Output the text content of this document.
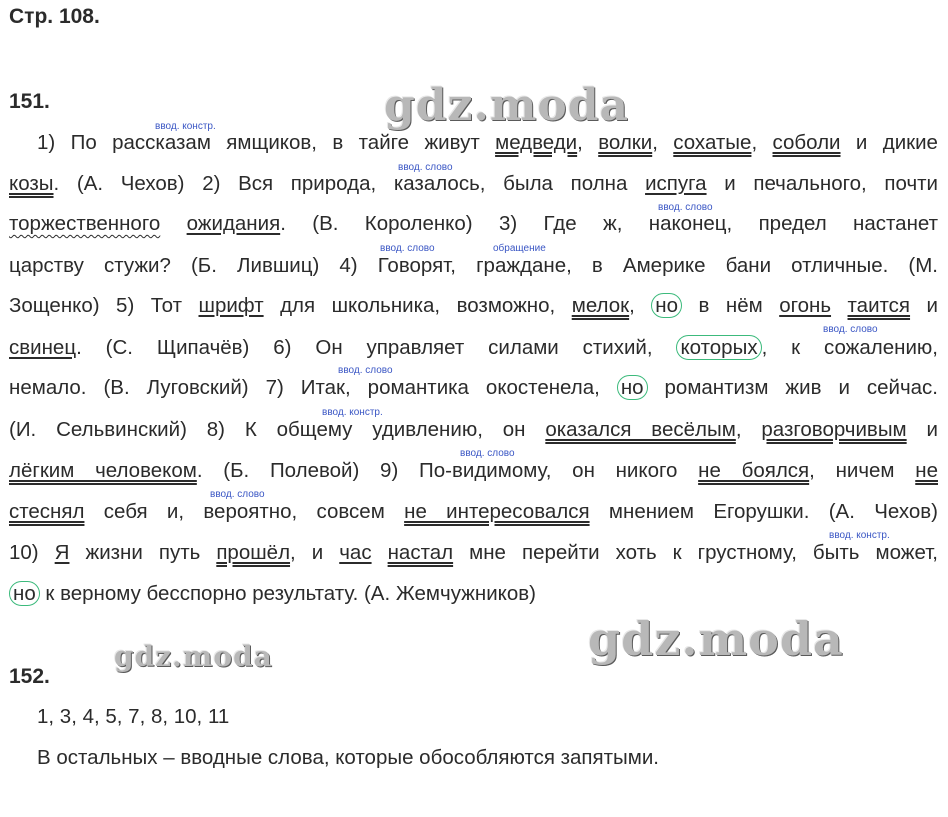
Стр. 108.
gdz.moda
gdz.moda
gdz.moda
151.
ввод. констр.
ввод. слово
ввод. слово
ввод. слово	обращение
ввод. слово
ввод. слово
ввод. констр.
ввод. слово
ввод. слово
ввод. констр.
1) По рассказам ямщиков, в тайге живут медведи, волки, сохатые, соболи и дикие
козы. (А. Чехов) 2) Вся природа, казалось, была полна испуга и печального, почти
торжественного ожидания. (В. Короленко) 3) Где ж, наконец, предел настанет
царству стужи? (Б. Лившиц) 4) Говорят, граждане, в Америке бани отличные. (М.
Зощенко) 5) Тот шрифт для школьника, возможно, мелок, но в нём огонь таится и
свинец. (С. Щипачёв) 6) Он управляет силами стихий, которых , к сожалению,
немало. (В. Луговский) 7) Итак, романтика окостенела, но романтизм жив и сейчас.
(И. Сельвинский) 8) К общему удивлению, он оказался весёлым, разговорчивым и
лёгким человеком. (Б. Полевой) 9) По-видимому, он никого не боялся, ничем не
стеснял себя и, вероятно, совсем не интересовался мнением Егорушки. (А. Чехов)
10) Я жизни путь прошёл, и час настал мне перейти хоть к грустному, быть может,
но к верному бесспорно результату. (А. Жемчужников)
152.
1, 3, 4, 5, 7, 8, 10, 11
В остальных – вводные слова, которые обособляются запятыми.
